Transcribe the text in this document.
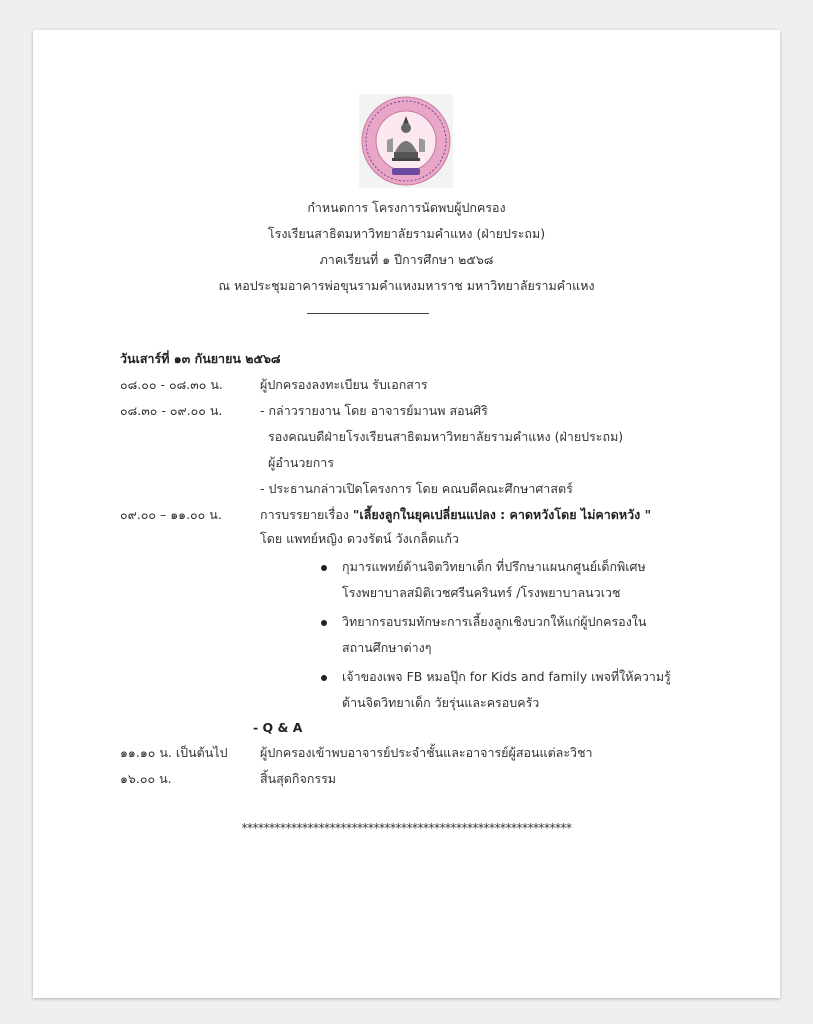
กำหนดการ โครงการนัดพบผู้ปกครอง
โรงเรียนสาธิตมหาวิทยาลัยรามคำแหง (ฝ่ายประถม)
ภาคเรียนที่ ๑ ปีการศึกษา ๒๕๖๘
ณ หอประชุมอาคารพ่อขุนรามคำแหงมหาราช มหาวิทยาลัยรามคำแหง
วันเสาร์ที่ ๑๓ กันยายน ๒๕๖๘
๐๘.๐๐ - ๐๘.๓๐ น.	ผู้ปกครองลงทะเบียน รับเอกสาร
๐๘.๓๐ - ๐๙.๐๐ น.	- กล่าวรายงาน โดย อาจารย์มานพ สอนศิริ
รองคณบดีฝ่ายโรงเรียนสาธิตมหาวิทยาลัยรามคำแหง (ฝ่ายประถม)
ผู้อำนวยการ
- ประธานกล่าวเปิดโครงการ โดย คณบดีคณะศึกษาศาสตร์
๐๙.๐๐ – ๑๑.๐๐ น.	การบรรยายเรื่อง "เลี้ยงลูกในยุคเปลี่ยนแปลง : คาดหวังโดย ไม่คาดหวัง "
โดย แพทย์หญิง ดวงรัตน์ วังเกล็ดแก้ว
กุมารแพทย์ด้านจิตวิทยาเด็ก ที่ปรึกษาแผนกศูนย์เด็กพิเศษ
โรงพยาบาลสมิติเวชศรีนครินทร์ /โรงพยาบาลนวเวช
วิทยากรอบรมทักษะการเลี้ยงลูกเชิงบวกให้แก่ผู้ปกครองใน
สถานศึกษาต่างๆ
เจ้าของเพจ FB หมอปุ๊ก for Kids and family เพจที่ให้ความรู้
ด้านจิตวิทยาเด็ก วัยรุ่นและครอบครัว
- Q & A
๑๑.๑๐ น. เป็นต้นไป	ผู้ปกครองเข้าพบอาจารย์ประจำชั้นและอาจารย์ผู้สอนแต่ละวิชา
๑๖.๐๐ น.	สิ้นสุดกิจกรรม
************************************************************
